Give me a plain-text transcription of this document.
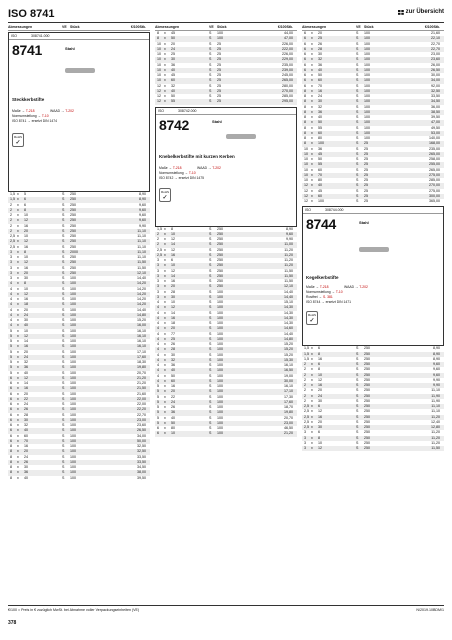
ISO 8741	zur Übersicht
Abmessungen	VE Stück	€/100Stk.
ISO	308741.000
8741	Stahl
Steckkerbstifte
Maße → T-218	WAAD → T-202
Normumstellung → T-10
ISO 8741 → ersetzt DIN 1474
RoHS
✓
1,5 x 5	S 250	8,90
1,5 x 6	S 250	8,90
2 x 6	S 250	9,60
2 x 8	S 250	9,60
2 x 10	S 250	9,60
2 x 12	S 250	9,60
2 x 16	S 250	9,90
2 x 20	S 250	11,10
2,5 x 10	S 250	11,10
2,5 x 12	S 250	11,10
2,5 x 16	S 250	11,10
3 x 8	S 2000	11,10
3 x 10	S 250	11,10
3 x 12	S 250	11,50
3 x 16	S 250	11,50
3 x 20	S 250	12,10
3 x 30	S 100	14,40
4 x 8	S 100	14,20
4 x 10	S 100	14,20
4 x 12	S 100	14,20
4 x 16	S 100	14,20
4 x 18	S 100	14,20
4 x 20	S 100	14,40
4 x 24	S 100	14,80
4 x 30	S 100	15,20
4 x 40	S 100	16,00
5 x 10	S 100	16,10
5 x 12	S 100	16,10
5 x 14	S 100	16,10
5 x 16	S 100	16,10
5 x 20	S 100	17,10
5 x 24	S 100	17,60
5 x 32	S 100	18,30
5 x 36	S 100	19,80
5 x 40	S 100	20,70
6 x 12	S 100	21,20
6 x 14	S 100	21,20
6 x 16	S 100	21,50
6 x 20	S 100	21,60
6 x 22	S 100	22,00
6 x 24	S 100	22,00
6 x 26	S 100	22,20
6 x 28	S 100	22,70
6 x 30	S 100	23,00
6 x 32	S 100	23,60
6 x 40	S 100	26,50
6 x 60	S 100	34,00
6 x 70	S 100	50,00
8 x 16	S 100	32,50
8 x 20	S 100	32,50
8 x 24	S 100	33,50
8 x 26	S 100	33,50
8 x 30	S 100	34,50
8 x 36	S 100	38,00
8 x 40	S 100	39,50
Abmessungen	VE Stück	€/100Stk.
8 x 45	S 100	44,00
8 x 50	S 100	47,00
10 x 20	S 25	226,00
10 x 24	S 25	222,00
10 x 25	S 25	226,00
10 x 30	S 25	229,00
10 x 36	S 25	235,00
10 x 40	S 25	239,00
10 x 45	S 25	245,00
10 x 60	S 25	265,00
12 x 32	S 25	280,00
12 x 40	S 25	270,00
12 x 50	S 25	285,00
12 x 55	S 25	295,00
ISO	308742.000
8742	Stahl
Knebelkerbstifte mit kurzen Kerben
Maße → T-218	WAAD → T-202
Normumstellung → T-10
ISO 8742 → ersetzt DIN 1475
RoHS
✓
1,5 x 8	S 250	8,90
2 x 10	S 250	9,60
2 x 12	S 250	9,90
2 x 14	S 250	11,00
2,5 x 12	S 250	11,20
2,5 x 16	S 250	11,20
3 x 6	S 250	11,20
3 x 10	S 250	11,20
3 x 12	S 250	11,50
3 x 14	S 250	11,50
3 x 16	S 250	11,50
3 x 20	S 250	12,10
3 x 28	S 100	14,40
3 x 30	S 100	14,40
4 x 10	S 100	15,10
4 x 12	S 100	14,30
4 x 14	S 100	14,30
4 x 16	S 100	14,30
4 x 18	S 100	14,30
4 x 20	S 100	14,60
4 x 77	S 100	14,40
4 x 25	S 100	14,80
4 x 26	S 100	15,20
4 x 28	S 100	15,20
4 x 30	S 100	15,20
4 x 32	S 100	15,30
4 x 36	S 100	16,10
4 x 40	S 100	16,50
4 x 50	S 100	19,00
4 x 60	S 100	30,00
5 x 16	S 100	16,10
5 x 20	S 100	17,10
5 x 22	S 100	17,30
5 x 24	S 100	17,60
5 x 26	S 100	18,70
5 x 36	S 100	19,80
5 x 40	S 100	20,70
5 x 50	S 100	23,00
6 x 80	S 100	46,50
6 x 10	S 100	21,20
Abmessungen	VE Stück	€/100Stk.
6 x 20	S 100	21,60
6 x 25	S 100	22,10
6 x 26	S 100	22,70
6 x 28	S 100	22,70
6 x 30	S 100	23,00
6 x 32	S 100	23,60
6 x 36	S 100	26,00
6 x 40	S 100	26,50
6 x 50	S 100	30,00
6 x 60	S 100	34,00
6 x 70	S 100	92,00
8 x 16	S 100	32,50
8 x 24	S 100	33,50
8 x 30	S 100	34,50
8 x 32	S 100	36,00
8 x 36	S 100	38,50
8 x 40	S 100	39,50
8 x 50	S 100	47,00
8 x 55	S 100	49,50
8 x 60	S 100	53,00
8 x 80	S 100	140,00
8 x 100	S 25	168,00
10 x 36	S 25	235,00
10 x 45	S 25	265,00
10 x 50	S 25	258,00
10 x 55	S 25	255,00
10 x 60	S 25	265,00
10 x 70	S 25	275,00
10 x 80	S 25	285,00
12 x 40	S 25	270,00
12 x 45	S 25	275,00
12 x 60	S 25	300,00
12 x 100	S 25	365,00
ISO	308744.000
8744	Stahl
Kegelkerbstifte
Maße → T-218	WAAD → T-202
Normumstellung → T-10
Rostfrei → S. 381
ISO 8744 → ersetzt DIN 1471
RoHS
✓
1,5 x 6	S 250	8,90
1,5 x 8	S 250	8,90
1,5 x 16	S 250	8,90
2 x 6	S 250	9,60
2 x 8	S 250	9,60
2 x 10	S 250	9,60
2 x 12	S 250	9,90
2 x 16	S 250	9,90
2 x 20	S 250	11,10
2 x 24	S 250	11,90
2 x 30	S 250	11,90
2,5 x 6	S 250	11,10
2,5 x 12	S 250	11,10
2,5 x 16	S 250	11,20
2,5 x 20	S 250	12,40
2,5 x 30	S 250	12,80
3 x 6	S 250	11,20
3 x 8	S 250	11,20
3 x 10	S 250	11,20
3 x 12	S 250	11,50
€/100 = Preis in € zuzüglich MwSt. bei Abnahme voller Verpackungseinheiten (VE)	N/2019.10BDM/1
378
